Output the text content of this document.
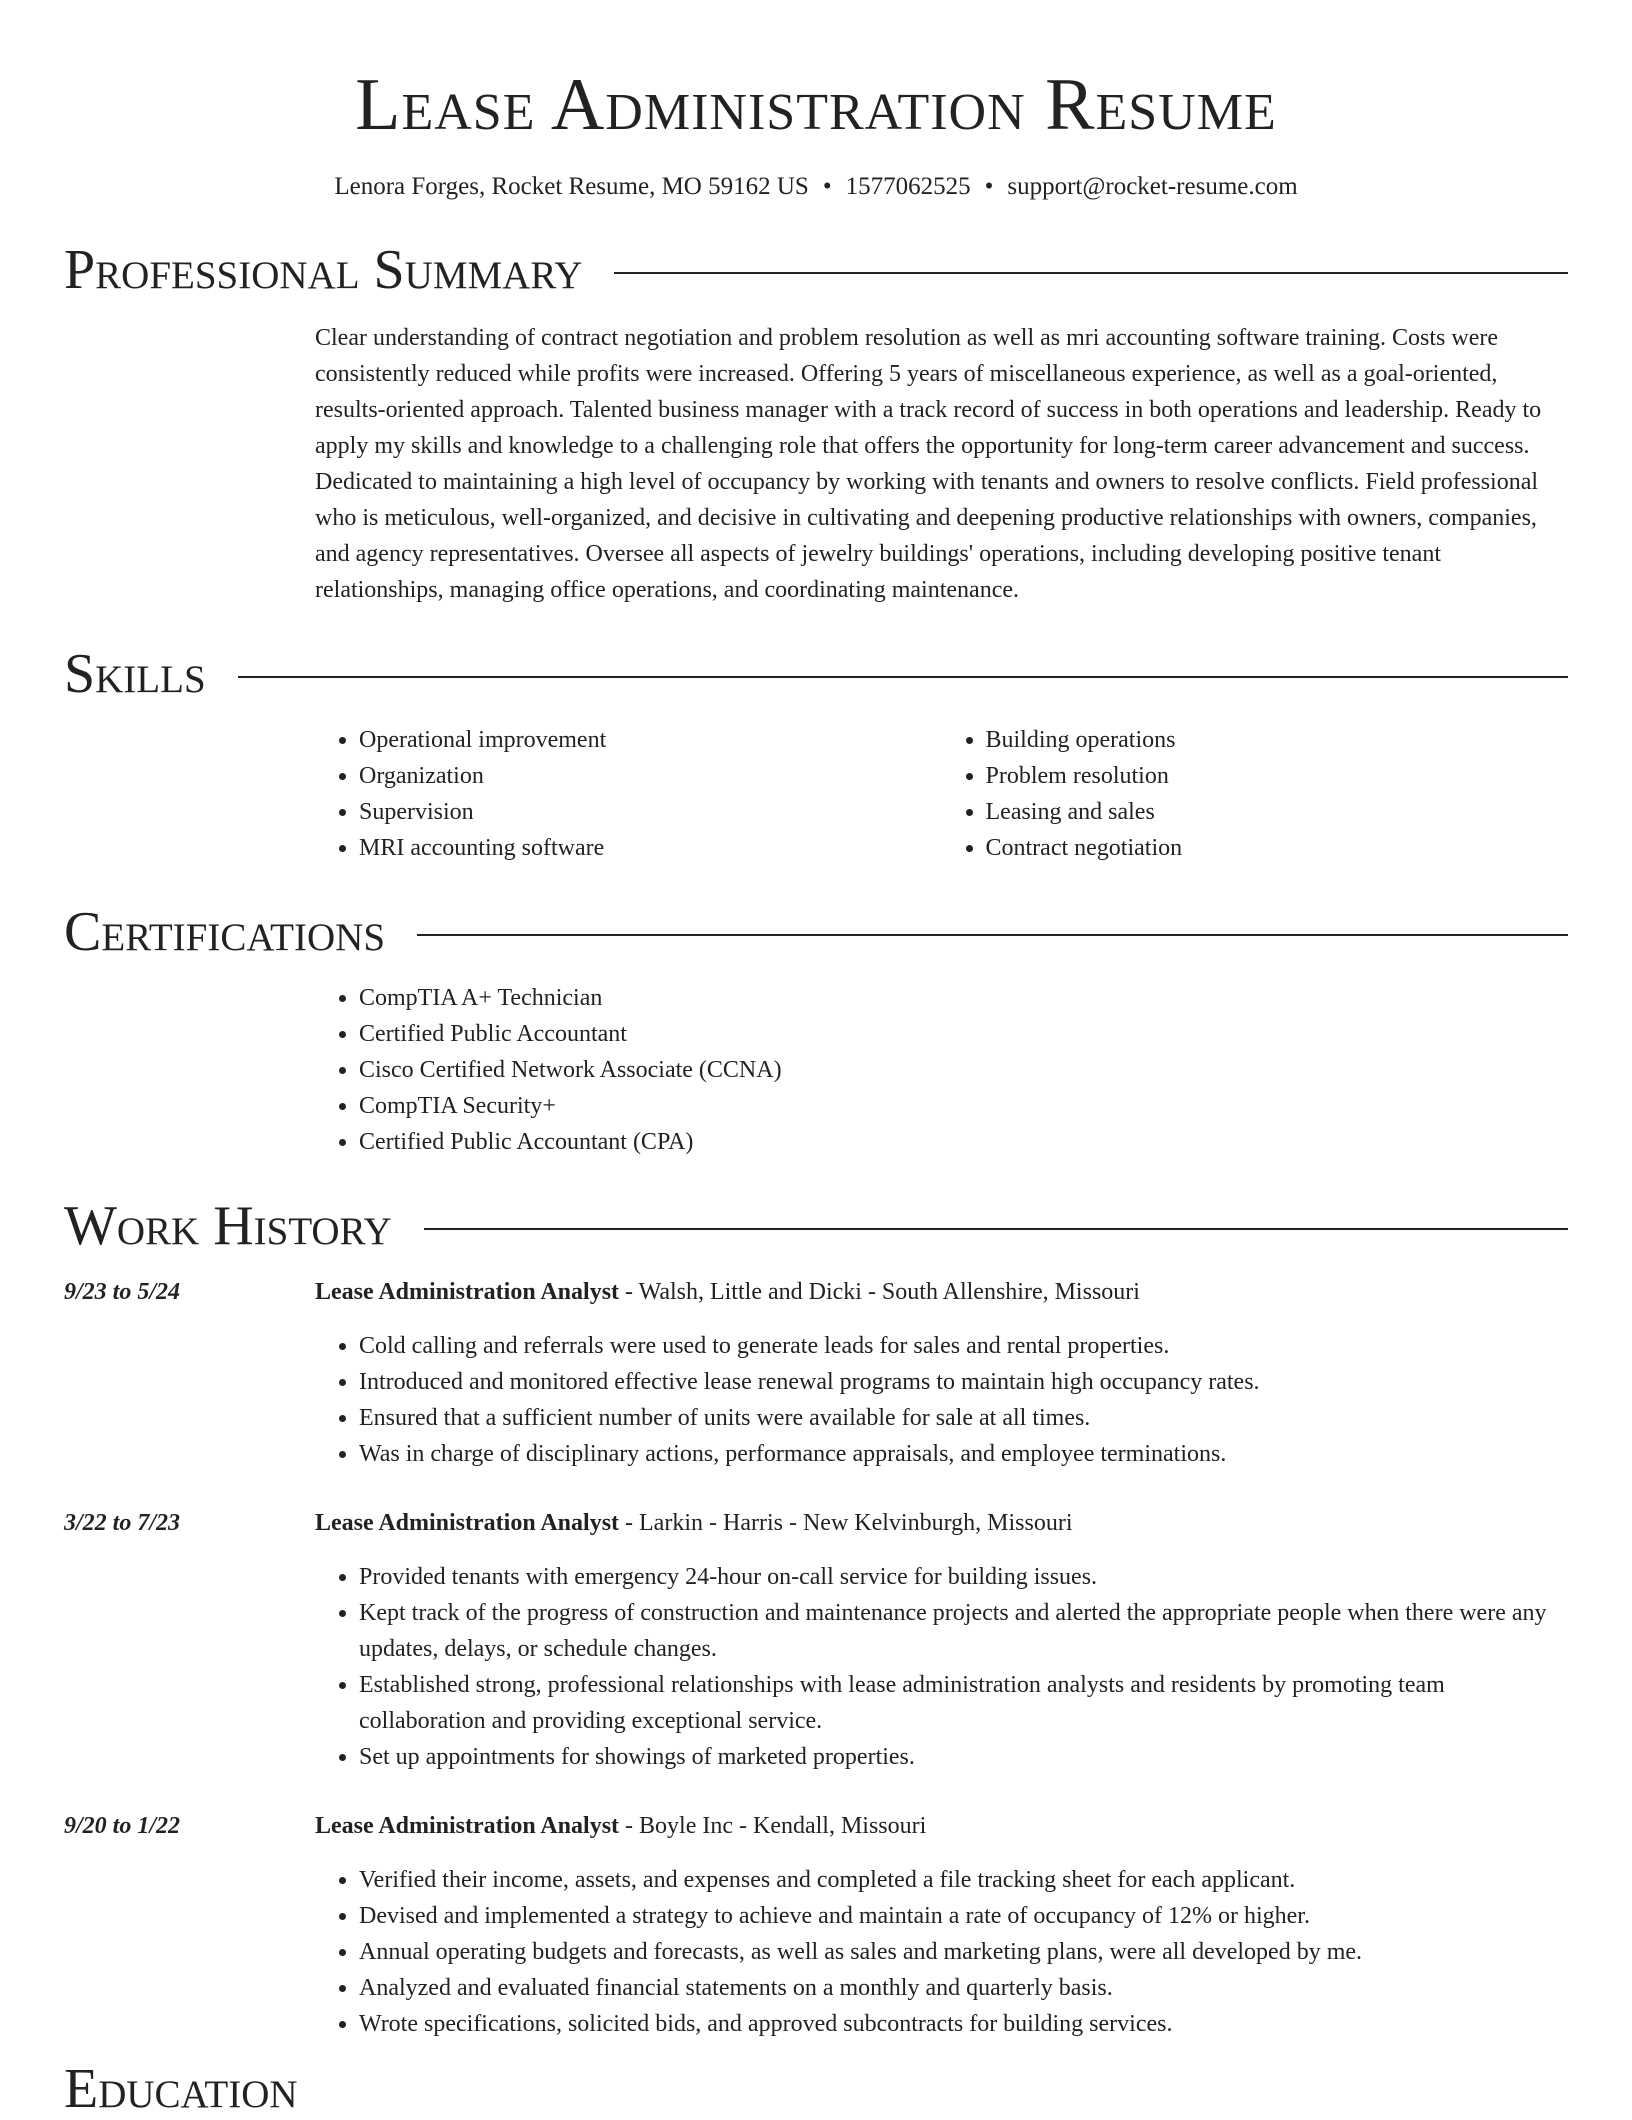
Lease Administration Resume
Lenora Forges, Rocket Resume, MO 59162 US • 1577062525 • support@rocket-resume.com
Professional Summary

Clear understanding of contract negotiation and problem resolution as well as mri accounting software training. Costs were consistently reduced while profits were increased. Offering 5 years of miscellaneous experience, as well as a goal-oriented, results-oriented approach. Talented business manager with a track record of success in both operations and leadership. Ready to apply my skills and knowledge to a challenging role that offers the opportunity for long-term career advancement and success. Dedicated to maintaining a high level of occupancy by working with tenants and owners to resolve conflicts. Field professional who is meticulous, well-organized, and decisive in cultivating and deepening productive relationships with owners, companies, and agency representatives. Oversee all aspects of jewelry buildings' operations, including developing positive tenant relationships, managing office operations, and coordinating maintenance.

Skills
• Operational improvement
• Organization
• Supervision
• MRI accounting software
• Building operations
• Problem resolution
• Leasing and sales
• Contract negotiation
Certifications
• CompTIA A+ Technician
• Certified Public Accountant
• Cisco Certified Network Associate (CCNA)
• CompTIA Security+
• Certified Public Accountant (CPA)
Work History
9/23 to 5/24	Lease Administration Analyst - Walsh, Little and Dicki - South Allenshire, Missouri
• Cold calling and referrals were used to generate leads for sales and rental properties.
• Introduced and monitored effective lease renewal programs to maintain high occupancy rates.
• Ensured that a sufficient number of units were available for sale at all times.
• Was in charge of disciplinary actions, performance appraisals, and employee terminations.
3/22 to 7/23	Lease Administration Analyst - Larkin - Harris - New Kelvinburgh, Missouri
• Provided tenants with emergency 24-hour on-call service for building issues.
• Kept track of the progress of construction and maintenance projects and alerted the appropriate people when there were any updates, delays, or schedule changes.
• Established strong, professional relationships with lease administration analysts and residents by promoting team collaboration and providing exceptional service.
• Set up appointments for showings of marketed properties.
9/20 to 1/22	Lease Administration Analyst - Boyle Inc - Kendall, Missouri
• Verified their income, assets, and expenses and completed a file tracking sheet for each applicant.
• Devised and implemented a strategy to achieve and maintain a rate of occupancy of 12% or higher.
• Annual operating budgets and forecasts, as well as sales and marketing plans, were all developed by me.
• Analyzed and evaluated financial statements on a monthly and quarterly basis.
• Wrote specifications, solicited bids, and approved subcontracts for building services.
Education
